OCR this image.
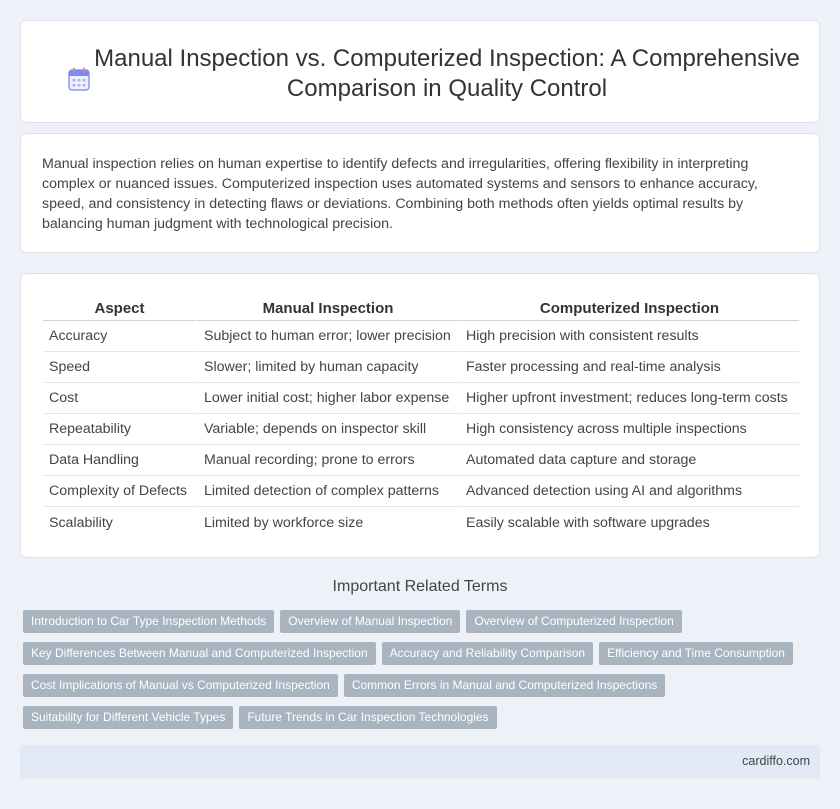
Manual Inspection vs. Computerized Inspection: A Comprehensive Comparison in Quality Control

Manual inspection relies on human expertise to identify defects and irregularities, offering flexibility in interpreting complex or nuanced issues. Computerized inspection uses automated systems and sensors to enhance accuracy, speed, and consistency in detecting flaws or deviations. Combining both methods often yields optimal results by balancing human judgment with technological precision.

Aspect	Manual Inspection	Computerized Inspection
Accuracy	Subject to human error; lower precision	High precision with consistent results
Speed	Slower; limited by human capacity	Faster processing and real-time analysis
Cost	Lower initial cost; higher labor expense	Higher upfront investment; reduces long-term costs
Repeatability	Variable; depends on inspector skill	High consistency across multiple inspections
Data Handling	Manual recording; prone to errors	Automated data capture and storage
Complexity of Defects	Limited detection of complex patterns	Advanced detection using AI and algorithms
Scalability	Limited by workforce size	Easily scalable with software upgrades
Important Related Terms
Introduction to Car Type Inspection Methods	Overview of Manual Inspection	Overview of Computerized Inspection
Key Differences Between Manual and Computerized Inspection	Accuracy and Reliability Comparison	Efficiency and Time Consumption
Cost Implications of Manual vs Computerized Inspection	Common Errors in Manual and Computerized Inspections
Suitability for Different Vehicle Types	Future Trends in Car Inspection Technologies
cardiffo.com
